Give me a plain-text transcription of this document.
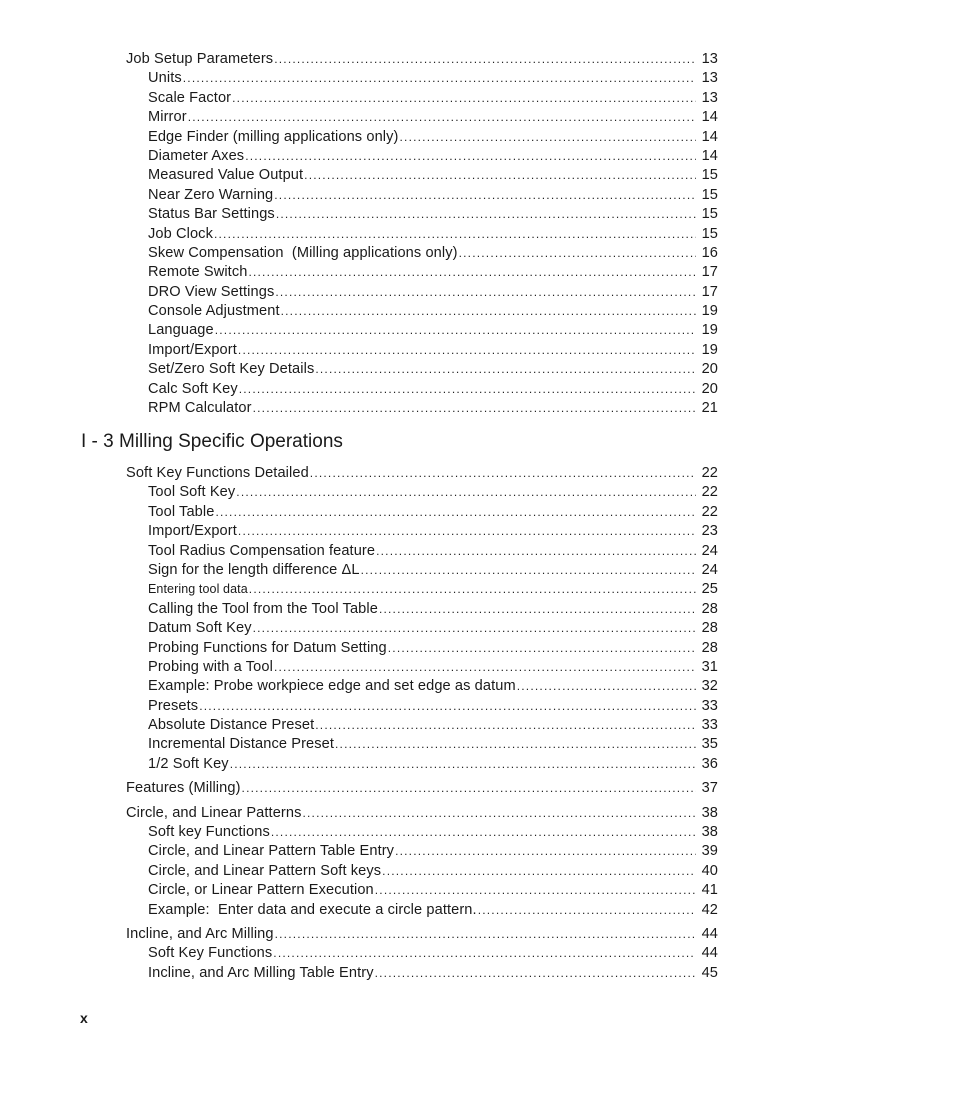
Job Setup Parameters .....	13
Units .....	13
Scale Factor .....	13
Mirror .....	14
Edge Finder (milling applications only) .....	14
Diameter Axes .....	14
Measured Value Output .....	15
Near Zero Warning .....	15
Status Bar Settings .....	15
Job Clock .....	15
Skew Compensation  (Milling applications only) .....	16
Remote Switch .....	17
DRO View Settings .....	17
Console Adjustment .....	19
Language .....	19
Import/Export .....	19
Set/Zero Soft Key Details .....	20
Calc Soft Key .....	20
RPM Calculator .....	21
I - 3 Milling Specific Operations
Soft Key Functions Detailed .....	22
Tool Soft Key .....	22
Tool Table .....	22
Import/Export .....	23
Tool Radius Compensation feature .....	24
Sign for the length difference ΔL .....	24
Entering tool data .....	25
Calling the Tool from the Tool Table .....	28
Datum Soft Key .....	28
Probing Functions for Datum Setting .....	28
Probing with a Tool .....	31
Example: Probe workpiece edge and set edge as datum .....	32
Presets .....	33
Absolute Distance Preset .....	33
Incremental Distance Preset .....	35
1/2 Soft Key .....	36
Features (Milling) .....	37
Circle, and Linear Patterns .....	38
Soft key Functions .....	38
Circle, and Linear Pattern Table Entry .....	39
Circle, and Linear Pattern Soft keys .....	40
Circle, or Linear Pattern Execution .....	41
Example:  Enter data and execute a circle pattern. .....	42
Incline, and Arc Milling .....	44
Soft Key Functions .....	44
Incline, and Arc Milling Table Entry .....	45
x
